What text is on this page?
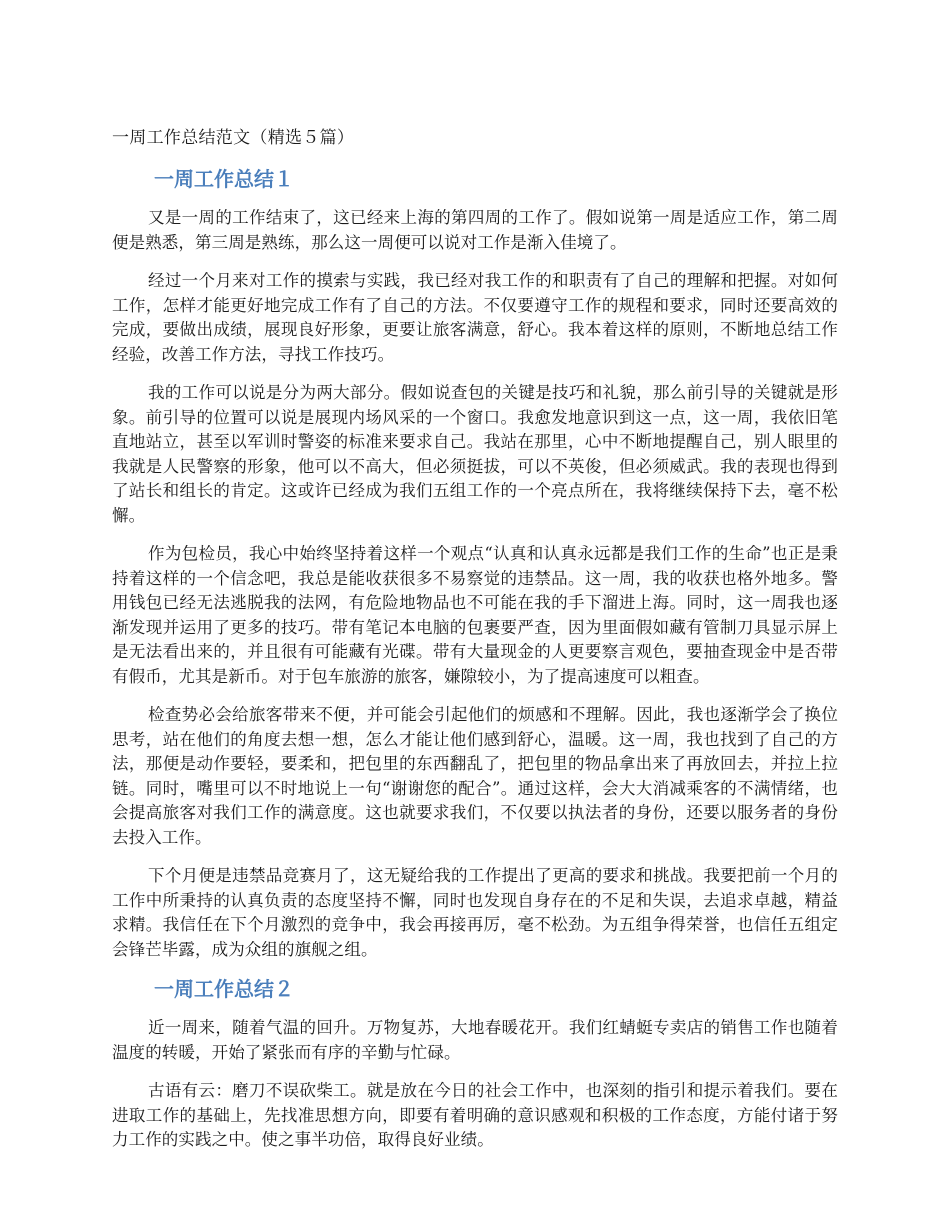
一周工作总结范文（精选５篇）
一周工作总结１

又是一周的工作结束了，这已经来上海的第四周的工作了。假如说第一周是适应工作，第二周便是熟悉，第三周是熟练，那么这一周便可以说对工作是渐入佳境了。

经过一个月来对工作的摸索与实践，我已经对我工作的和职责有了自己的理解和把握。对如何工作，怎样才能更好地完成工作有了自己的方法。不仅要遵守工作的规程和要求，同时还要高效的完成，要做出成绩，展现良好形象，更要让旅客满意，舒心。我本着这样的原则，不断地总结工作经验，改善工作方法，寻找工作技巧。

我的工作可以说是分为两大部分。假如说查包的关键是技巧和礼貌，那么前引导的关键就是形象。前引导的位置可以说是展现内场风采的一个窗口。我愈发地意识到这一点，这一周，我依旧笔直地站立，甚至以军训时警姿的标准来要求自己。我站在那里，心中不断地提醒自己，别人眼里的我就是人民警察的形象，他可以不高大，但必须挺拔，可以不英俊，但必须威武。我的表现也得到了站长和组长的肯定。这或许已经成为我们五组工作的一个亮点所在，我将继续保持下去，毫不松懈。

作为包检员，我心中始终坚持着这样一个观点“认真和认真永远都是我们工作的生命”也正是秉持着这样的一个信念吧，我总是能收获很多不易察觉的违禁品。这一周，我的收获也格外地多。警用钱包已经无法逃脱我的法网，有危险地物品也不可能在我的手下溜进上海。同时，这一周我也逐渐发现并运用了更多的技巧。带有笔记本电脑的包裹要严查，因为里面假如藏有管制刀具显示屏上是无法看出来的，并且很有可能藏有光碟。带有大量现金的人更要察言观色，要抽查现金中是否带有假币，尤其是新币。对于包车旅游的旅客，嫌隙较小，为了提高速度可以粗查。

检查势必会给旅客带来不便，并可能会引起他们的烦感和不理解。因此，我也逐渐学会了换位思考，站在他们的角度去想一想，怎么才能让他们感到舒心，温暖。这一周，我也找到了自己的方法，那便是动作要轻，要柔和，把包里的东西翻乱了，把包里的物品拿出来了再放回去，并拉上拉链。同时，嘴里可以不时地说上一句“谢谢您的配合”。通过这样，会大大消减乘客的不满情绪，也会提高旅客对我们工作的满意度。这也就要求我们，不仅要以执法者的身份，还要以服务者的身份去投入工作。

下个月便是违禁品竞赛月了，这无疑给我的工作提出了更高的要求和挑战。我要把前一个月的工作中所秉持的认真负责的态度坚持不懈，同时也发现自身存在的不足和失误，去追求卓越，精益求精。我信任在下个月激烈的竞争中，我会再接再厉，毫不松劲。为五组争得荣誉，也信任五组定会锋芒毕露，成为众组的旗舰之组。

一周工作总结２

近一周来，随着气温的回升。万物复苏，大地春暖花开。我们红蜻蜓专卖店的销售工作也随着温度的转暖，开始了紧张而有序的辛勤与忙碌。

古语有云：磨刀不误砍柴工。就是放在今日的社会工作中，也深刻的指引和提示着我们。要在进取工作的基础上，先找准思想方向，即要有着明确的意识感观和积极的工作态度，方能付诸于努力工作的实践之中。使之事半功倍，取得良好业绩。
